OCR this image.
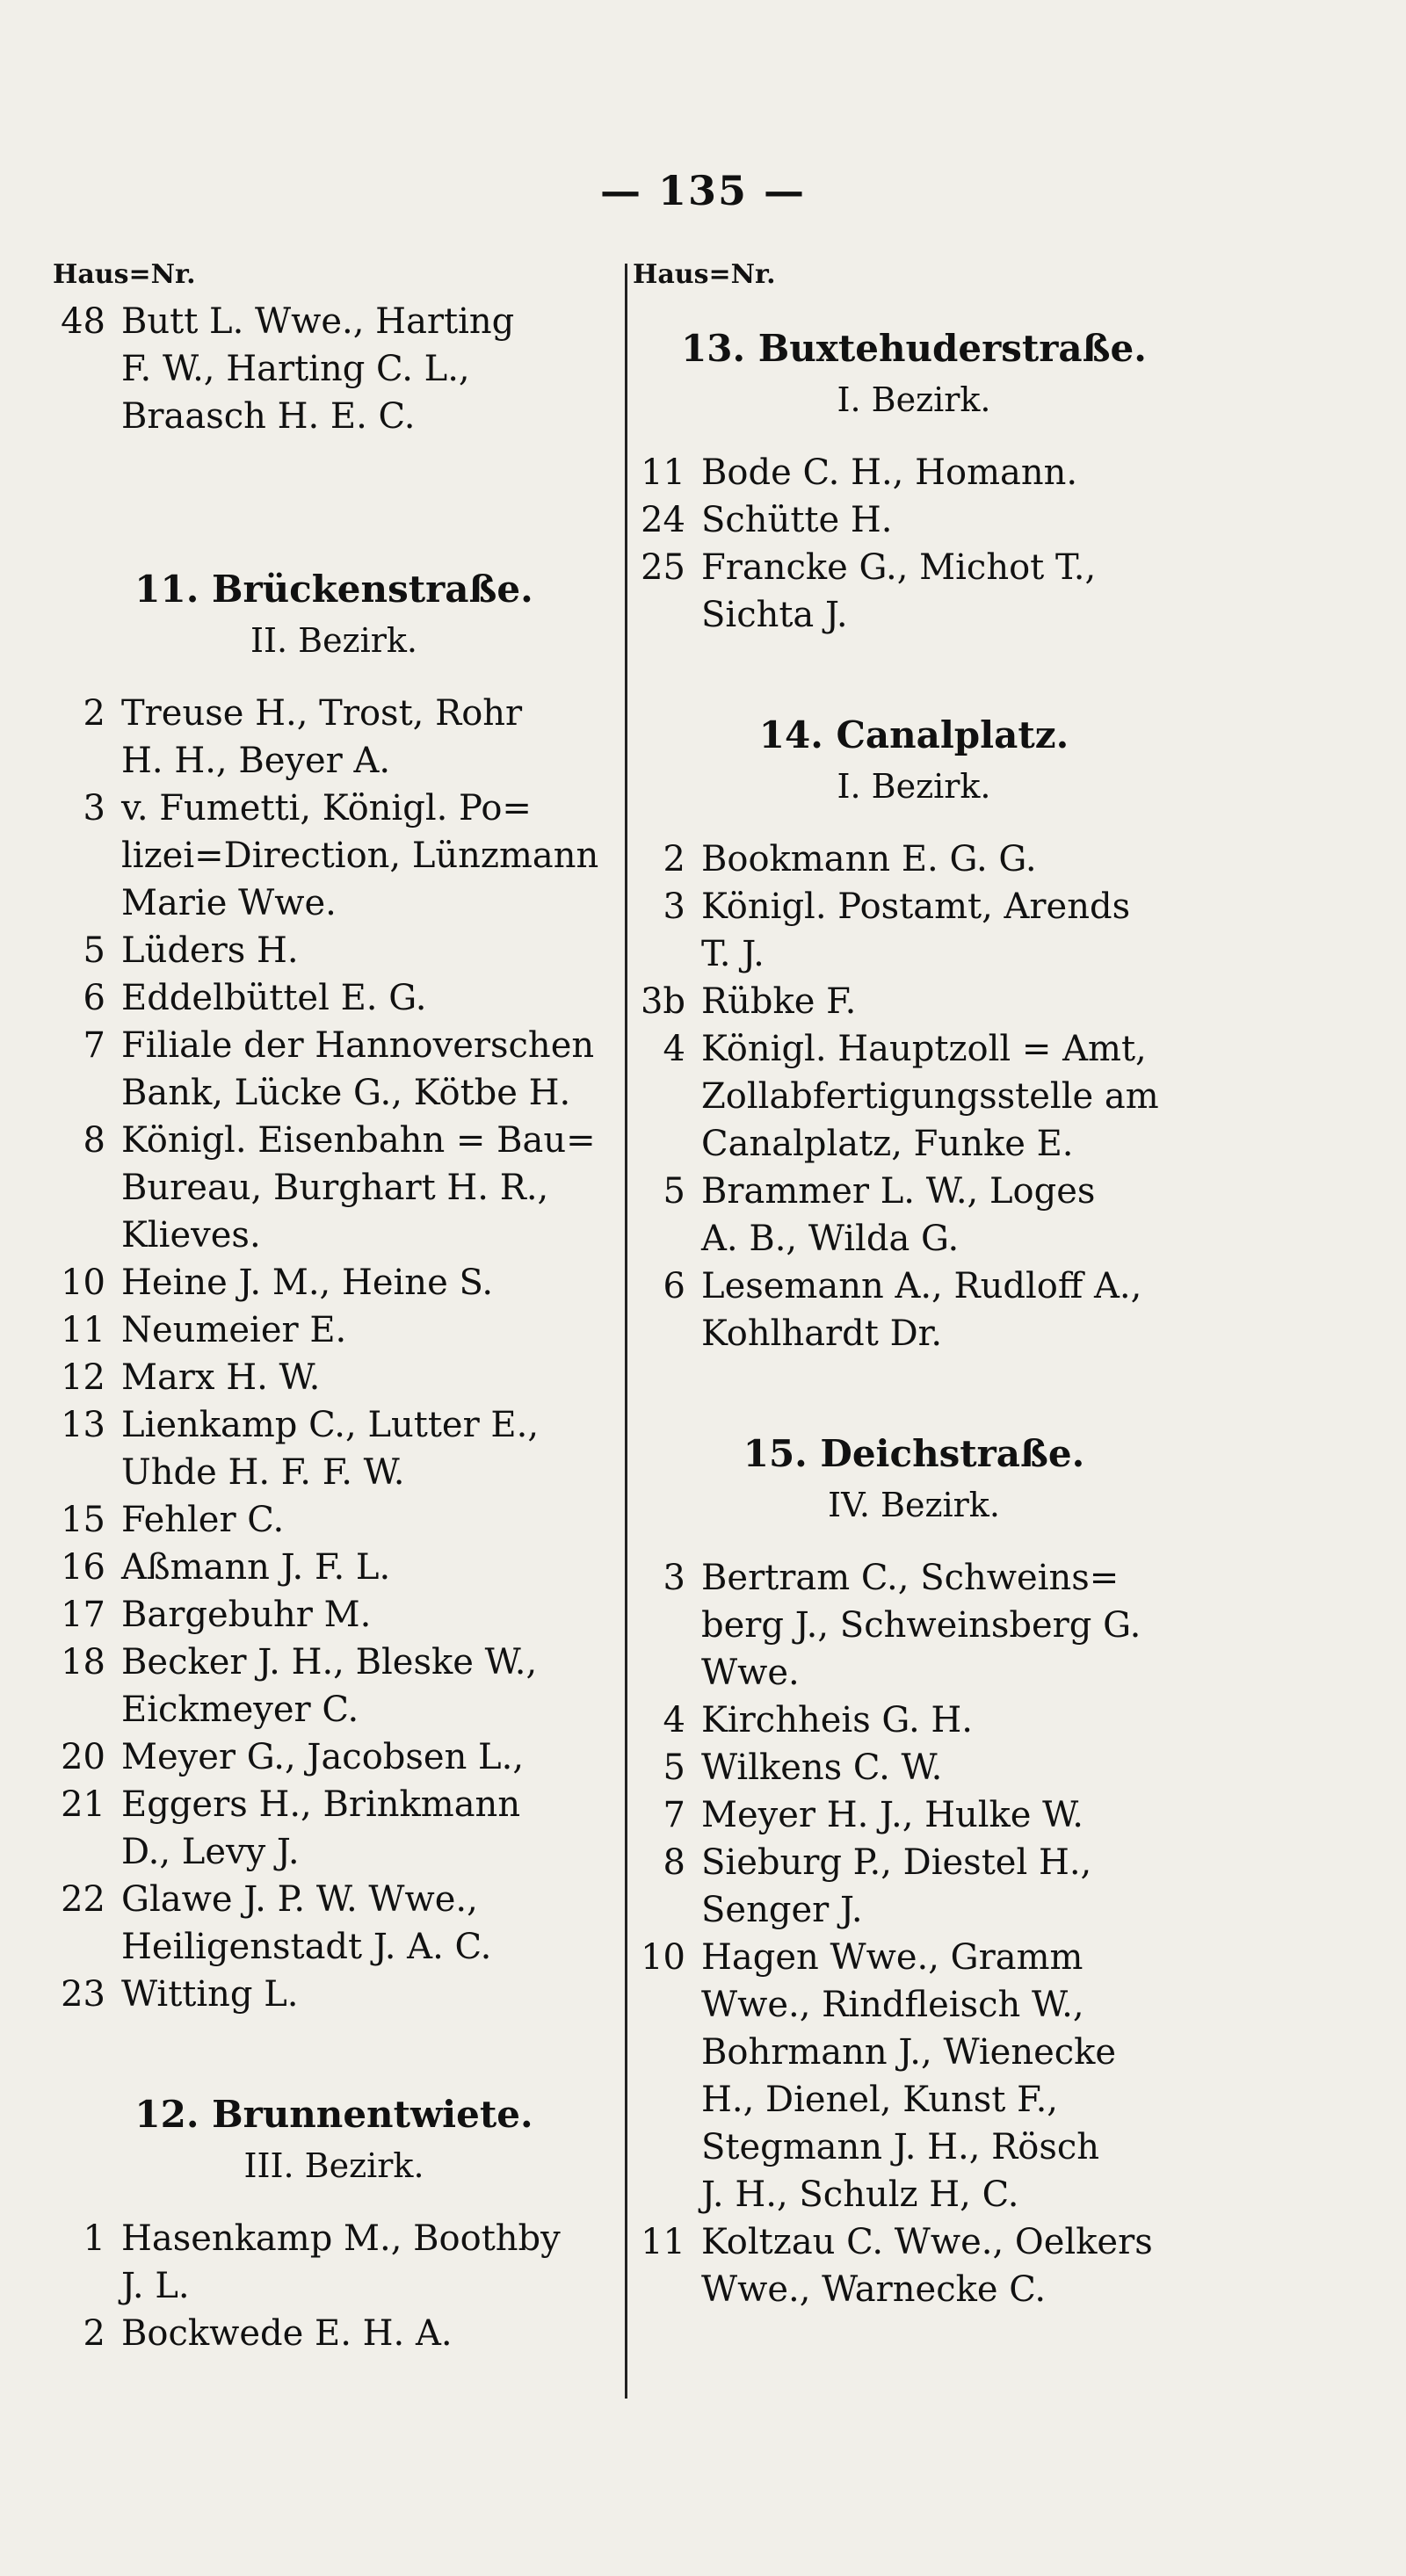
— 135 —
Haus=Nr.
48 Butt L. Wwe., Harting
F. W., Harting C. L.,
Braasch H. E. C.
11. Brückenstraße.
II. Bezirk.
2 Treuse H., Trost, Rohr
H. H., Beyer A.
3 v. Fumetti, Königl. Po=
lizei=Direction, Lünzmann
Marie Wwe.
5 Lüders H.
6 Eddelbüttel E. G.
7 Filiale der Hannoverschen
Bank, Lücke G., Kötbe H.
8 Königl. Eisenbahn = Bau=
Bureau, Burghart H. R.,
Klieves.
10 Heine J. M., Heine S.
11 Neumeier E.
12 Marx H. W.
13 Lienkamp C., Lutter E.,
Uhde H. F. F. W.
15 Fehler C.
16 Aßmann J. F. L.
17 Bargebuhr M.
18 Becker J. H., Bleske W.,
Eickmeyer C.
20 Meyer G., Jacobsen L.,
21 Eggers H., Brinkmann
D., Levy J.
22 Glawe J. P. W. Wwe.,
Heiligenstadt J. A. C.
23 Witting L.
12. Brunnentwiete.
III. Bezirk.
1 Hasenkamp M., Boothby
J. L.
2 Bockwede E. H. A.
Haus=Nr.
13. Buxtehuderstraße.
I. Bezirk.
11 Bode C. H., Homann.
24 Schütte H.
25 Francke G., Michot T.,
Sichta J.
14. Canalplatz.
I. Bezirk.
2 Bookmann E. G. G.
3 Königl. Postamt, Arends
T. J.
3b Rübke F.
4 Königl. Hauptzoll = Amt,
Zollabfertigungsstelle am
Canalplatz, Funke E.
5 Brammer L. W., Loges
A. B., Wilda G.
6 Lesemann A., Rudloff A.,
Kohlhardt Dr.
15. Deichstraße.
IV. Bezirk.
3 Bertram C., Schweins=
berg J., Schweinsberg G.
Wwe.
4 Kirchheis G. H.
5 Wilkens C. W.
7 Meyer H. J., Hulke W.
8 Sieburg P., Diestel H.,
Senger J.
10 Hagen Wwe., Gramm
Wwe., Rindfleisch W.,
Bohrmann J., Wienecke
H., Dienel, Kunst F.,
Stegmann J. H., Rösch
J. H., Schulz H, C.
11 Koltzau C. Wwe., Oelkers
Wwe., Warnecke C.
